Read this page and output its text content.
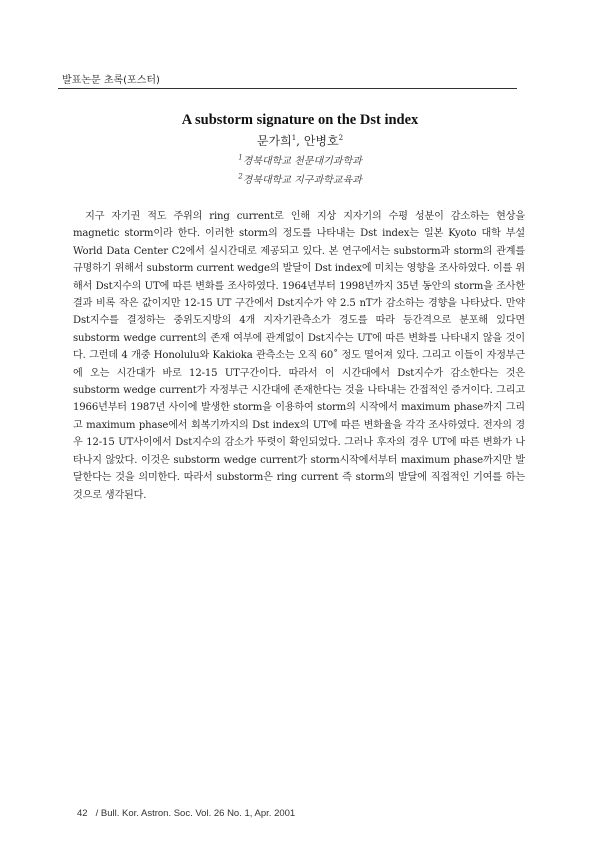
발표논문 초록(포스터)
A substorm signature on the Dst index
문가희$^1$, 안병호$^2$
$^1$경북대학교 천문대기과학과
$^2$경북대학교 지구과학교육과

지구 자기권 적도 주위의 ring current로 인해 지상 지자기의 수평 성분이 감소하는 현상을 magnetic storm이라 한다. 이러한 storm의 정도를 나타내는 Dst index는 일본 Kyoto 대학 부설 World Data Center C2에서 실시간대로 제공되고 있다. 본 연구에서는 substorm과 storm의 관계를 규명하기 위해서 substorm current wedge의 발달이 Dst index에 미치는 영향을 조사하였다. 이를 위해서 Dst지수의 UT에 따른 변화를 조사하였다. 1964년부터 1998년까지 35년 동안의 storm을 조사한 결과 비록 작은 값이지만 12-15 UT 구간에서 Dst지수가 약 2.5 nT가 감소하는 경향을 나타났다. 만약 Dst지수를 결정하는 중위도지방의 4개 지자기관측소가 경도를 따라 등간격으로 분포해 있다면 substorm wedge current의 존재 여부에 관계없이 Dst지수는 UT에 따른 변화를 나타내지 않을 것이다. 그런데 4 개중 Honolulu와 Kakioka 관측소는 오직 60˚ 정도 떨어져 있다. 그리고 이들이 자정부근에 오는 시간대가 바로 12-15 UT구간이다. 따라서 이 시간대에서 Dst지수가 감소한다는 것은 substorm wedge current가 자정부근 시간대에 존재한다는 것을 나타내는 간접적인 증거이다. 그리고 1966년부터 1987년 사이에 발생한 storm을 이용하여 storm의 시작에서 maximum phase까지 그리고 maximum phase에서 회복기까지의 Dst index의 UT에 따른 변화율을 각각 조사하였다. 전자의 경우 12-15 UT사이에서 Dst지수의 감소가 뚜렷이 확인되었다. 그러나 후자의 경우 UT에 따른 변화가 나타나지 않았다. 이것은 substorm wedge current가 storm시작에서부터 maximum phase까지만 발달한다는 것을 의미한다. 따라서 substorm은 ring current 즉 storm의 발달에 직접적인 기여를 하는 것으로 생각된다.

42 / Bull. Kor. Astron. Soc. Vol. 26 No. 1, Apr. 2001
